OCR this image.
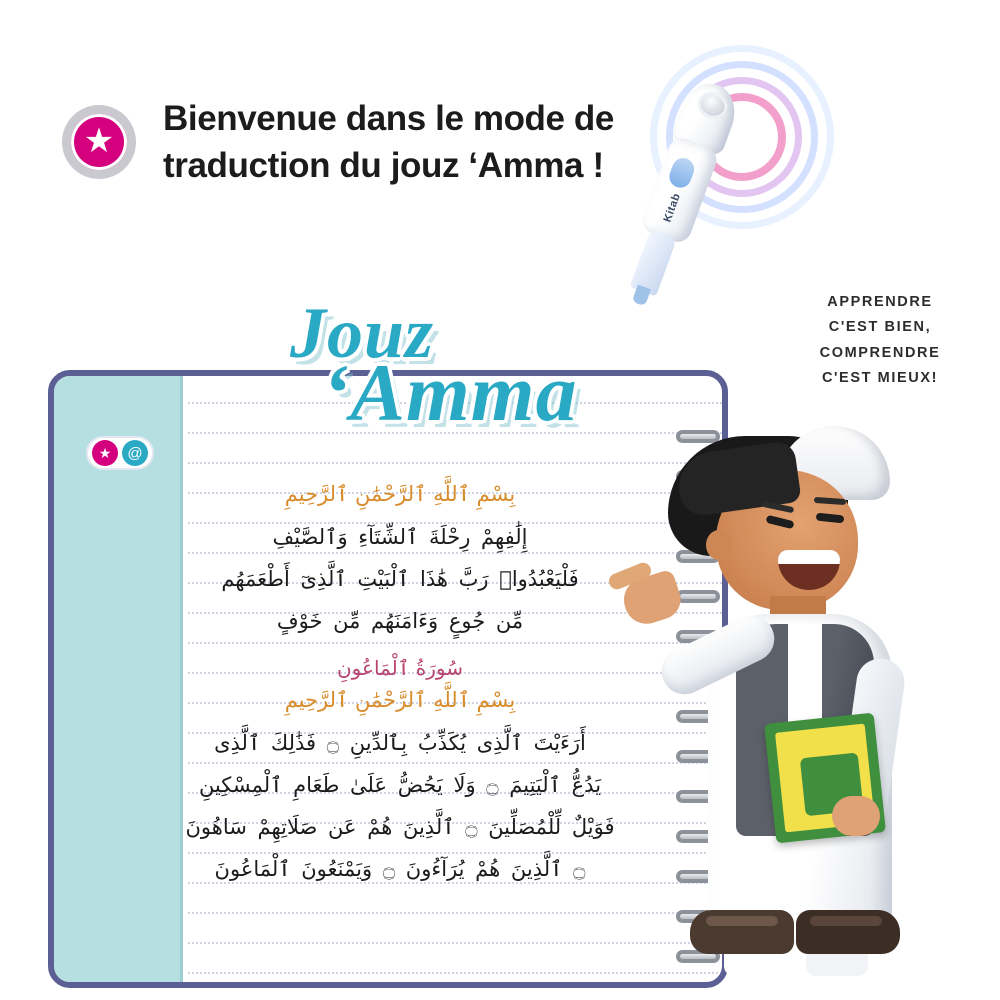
★
Bienvenue dans le mode de traduction du jouz ‘Amma !
Kitab
APPRENDRE
C'EST BIEN,
COMPRENDRE
C'EST MIEUX!
★	@

بِسْمِ ٱللَّهِ ٱلرَّحْمَٰنِ ٱلرَّحِيمِ

ﺇِﻟَٰﻔِﻬِﻢْ رِحْلَةَ ٱلشِّتَآءِ وَٱلصَّيْفِ

فَلْيَعْبُدُوا۟ رَبَّ هَٰذَا ٱلْبَيْتِ ٱلَّذِىٓ أَطْعَمَهُم

مِّن جُوعٍ وَءَامَنَهُم مِّن خَوْفٍ

سُورَةُ ٱلْمَاعُونِ

بِسْمِ ٱللَّهِ ٱلرَّحْمَٰنِ ٱلرَّحِيمِ

أَرَءَيْتَ ٱلَّذِى يُكَذِّبُ بِٱلدِّينِ ۝ فَذَٰلِكَ ٱلَّذِى

يَدُعُّ ٱلْيَتِيمَ ۝ وَلَا يَحُضُّ عَلَىٰ طَعَامِ ٱلْمِسْكِينِ

فَوَيْلٌ لِّلْمُصَلِّينَ ۝ ٱلَّذِينَ هُمْ عَن صَلَاتِهِمْ سَاهُونَ

۝ ٱلَّذِينَ هُمْ يُرَآءُونَ ۝ وَيَمْنَعُونَ ٱلْمَاعُونَ

Jouz
‘Amma
